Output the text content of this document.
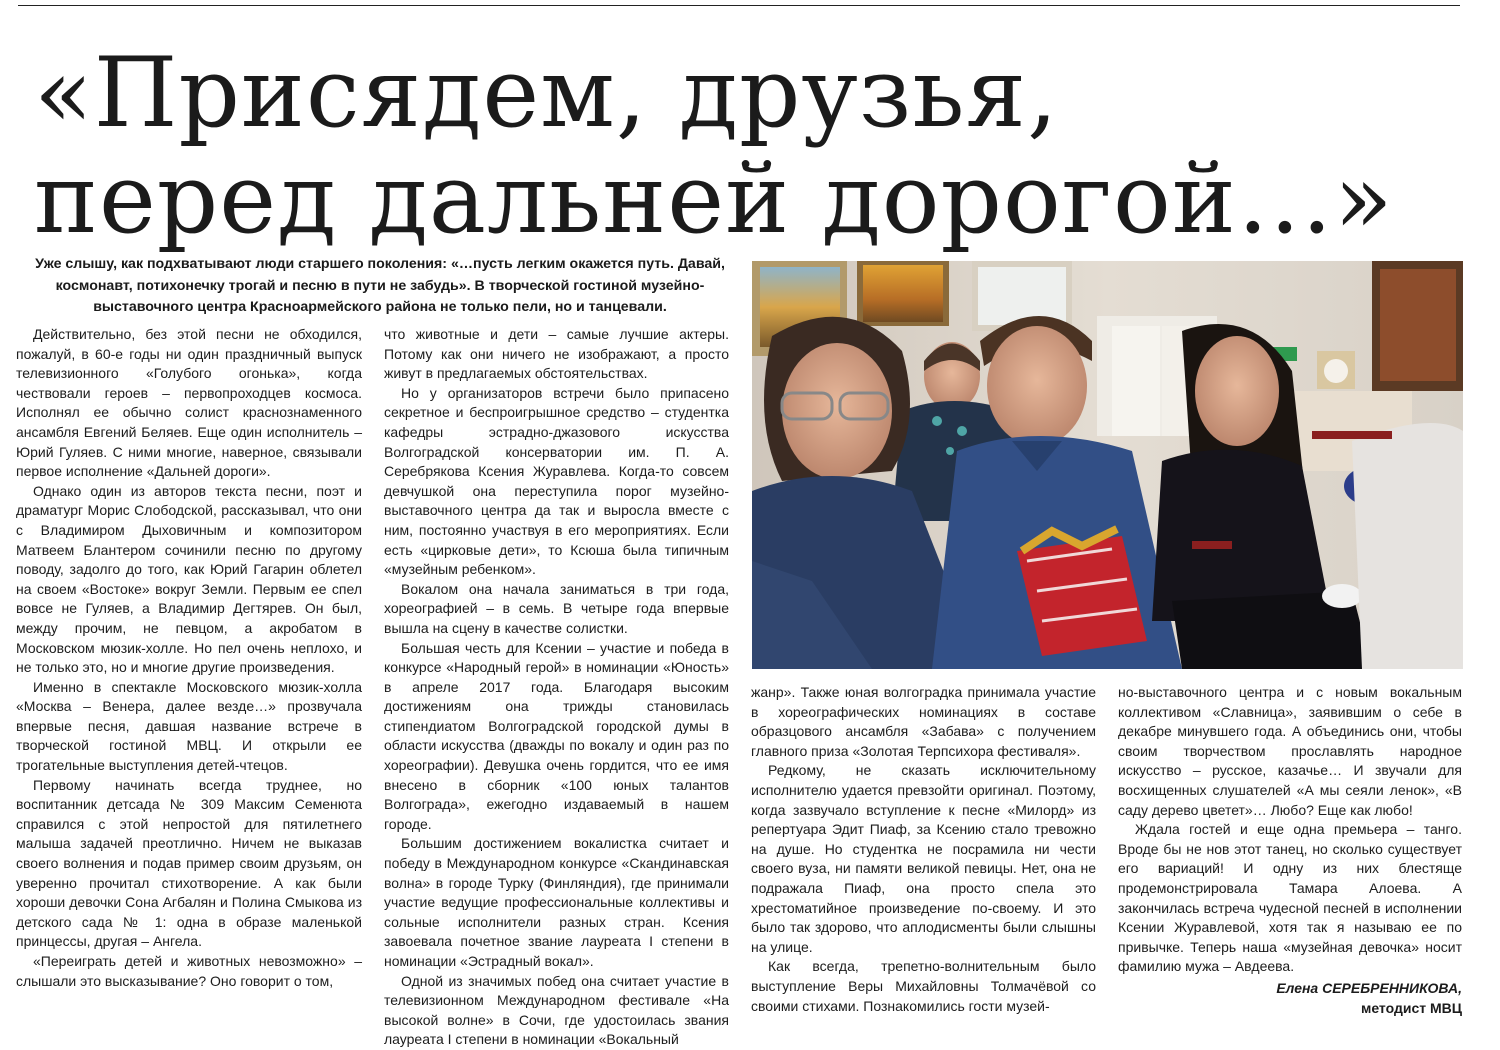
«Присядем, друзья,
перед дальней дорогой…»

Уже слышу, как подхватывают люди старшего поколения: «…пусть легким окажется путь. Давай, космонавт, потихонечку трогай и песню в пути не забудь». В творческой гостиной музейно-выставочного центра Красноармейского района не только пели, но и танцевали.

Действительно, без этой песни не обходился, пожалуй, в 60-е годы ни один праздничный выпуск телевизионного «Голубого огонька», когда чествовали героев – первопроходцев космоса. Исполнял ее обычно солист краснознаменного ансамбля Евгений Беляев. Еще один исполнитель – Юрий Гуляев. С ними многие, наверное, связывали первое исполнение «Дальней дороги».

Однако один из авторов текста песни, поэт и драматург Морис Слободской, рассказывал, что они с Владимиром Дыховичным и композитором Матвеем Блантером сочинили песню по другому поводу, задолго до того, как Юрий Гагарин облетел на своем «Востоке» вокруг Земли. Первым ее спел вовсе не Гуляев, а Владимир Дегтярев. Он был, между прочим, не певцом, а акробатом в Московском мюзик-холле. Но пел очень неплохо, и не только это, но и многие другие произведения.

Именно в спектакле Московского мюзик-холла «Москва – Венера, далее везде…» прозвучала впервые песня, давшая название встрече в творческой гостиной МВЦ. И открыли ее трогательные выступления детей-чтецов.

Первому начинать всегда труднее, но воспитанник детсада № 309 Максим Семенюта справился с этой непростой для пятилетнего малыша задачей преотлично. Ничем не выказав своего волнения и подав пример своим друзьям, он уверенно прочитал стихотворение. А как были хороши девочки Сона Агбалян и Полина Смыкова из детского сада № 1: одна в образе маленькой принцессы, другая – Ангела.

«Переиграть детей и животных невозможно» – слышали это высказывание? Оно говорит о том,

что животные и дети – самые лучшие актеры. Потому как они ничего не изображают, а просто живут в предлагаемых обстоятельствах.

Но у организаторов встречи было припасено секретное и беспроигрышное средство – студентка кафедры эстрадно-джазового искусства Волгоградской консерватории им. П. А. Серебрякова Ксения Журавлева. Когда-то совсем девчушкой она переступила порог музейно-выставочного центра да так и выросла вместе с ним, постоянно участвуя в его мероприятиях. Если есть «цирковые дети», то Ксюша была типичным «музейным ребенком».

Вокалом она начала заниматься в три года, хореографией – в семь. В четыре года впервые вышла на сцену в качестве солистки.

Большая честь для Ксении – участие и победа в конкурсе «Народный герой» в номинации «Юность» в апреле 2017 года. Благодаря высоким достижениям она трижды становилась стипендиатом Волгоградской городской думы в области искусства (дважды по вокалу и один раз по хореографии). Девушка очень гордится, что ее имя внесено в сборник «100 юных талантов Волгограда», ежегодно издаваемый в нашем городе.

Большим достижением вокалистка считает и победу в Международном конкурсе «Скандинавская волна» в городе Турку (Финляндия), где принимали участие ведущие профессиональные коллективы и сольные исполнители разных стран. Ксения завоевала почетное звание лауреата I степени в номинации «Эстрадный вокал».

Одной из значимых побед она считает участие в телевизионном Международном фестивале «На высокой волне» в Сочи, где удостоилась звания лауреата I степени в номинации «Вокальный

жанр». Также юная волгоградка принимала участие в хореографических номинациях в составе образцового ансамбля «Забава» с получением главного приза «Золотая Терпсихора фестиваля».

Редкому, не сказать исключительному исполнителю удается превзойти оригинал. Поэтому, когда зазвучало вступление к песне «Милорд» из репертуара Эдит Пиаф, за Ксению стало тревожно на душе. Но студентка не посрамила ни чести своего вуза, ни памяти великой певицы. Нет, она не подражала Пиаф, она просто спела это хрестоматийное произведение по-своему. И это было так здорово, что аплодисменты были слышны на улице.

Как всегда, трепетно-волнительным было выступление Веры Михайловны Толмачёвой со своими стихами. Познакомились гости музей-

но-выставочного центра и с новым вокальным коллективом «Славница», заявившим о себе в декабре минувшего года. А объединись они, чтобы своим творчеством прославлять народное искусство – русское, казачье… И звучали для восхищенных слушателей «А мы сеяли ленок», «В саду дерево цветет»… Любо? Еще как любо!

Ждала гостей и еще одна премьера – танго. Вроде бы не нов этот танец, но сколько существует его вариаций! И одну из них блестяще продемонстрировала Тамара Алоева. А закончилась встреча чудесной песней в исполнении Ксении Журавлевой, хотя так я называю ее по привычке. Теперь наша «музейная девочка» носит фамилию мужа – Авдеева.

Елена СЕРЕБРЕННИКОВА,

методист МВЦ
